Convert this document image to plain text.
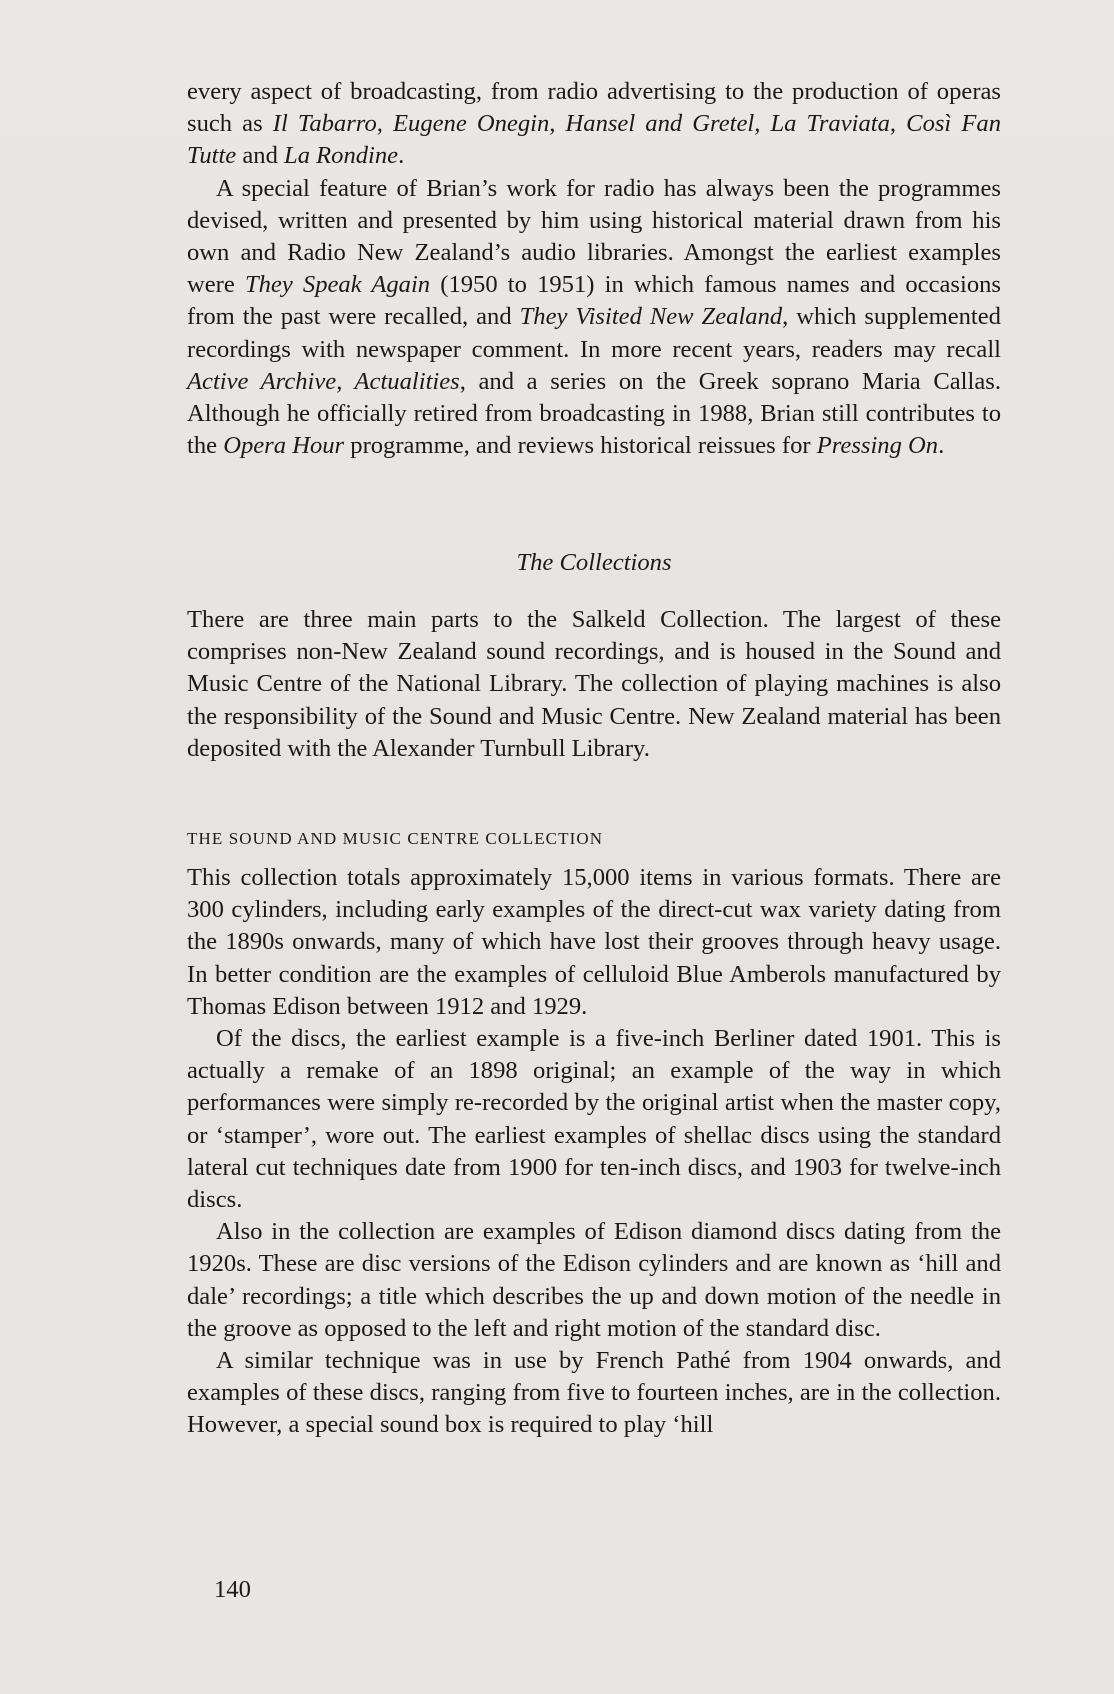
every aspect of broadcasting, from radio advertising to the production of operas such as Il Tabarro, Eugene Onegin, Hansel and Gretel, La Traviata, Così Fan Tutte and La Rondine.

A special feature of Brian’s work for radio has always been the programmes devised, written and presented by him using historical material drawn from his own and Radio New Zealand’s audio libraries. Amongst the earliest examples were They Speak Again (1950 to 1951) in which famous names and occasions from the past were recalled, and They Visited New Zealand, which supplemented recordings with newspaper comment. In more recent years, readers may recall Active Archive, Actualities, and a series on the Greek soprano Maria Callas. Although he officially retired from broadcasting in 1988, Brian still contributes to the Opera Hour programme, and reviews historical reissues for Pressing On.

The Collections

There are three main parts to the Salkeld Collection. The largest of these comprises non-New Zealand sound recordings, and is housed in the Sound and Music Centre of the National Library. The collection of playing machines is also the responsibility of the Sound and Music Centre. New Zealand material has been deposited with the Alexander Turnbull Library.

THE SOUND AND MUSIC CENTRE COLLECTION

This collection totals approximately 15,000 items in various formats. There are 300 cylinders, including early examples of the direct-cut wax variety dating from the 1890s onwards, many of which have lost their grooves through heavy usage. In better condition are the examples of celluloid Blue Amberols manufactured by Thomas Edison between 1912 and 1929.

Of the discs, the earliest example is a five-inch Berliner dated 1901. This is actually a remake of an 1898 original; an example of the way in which performances were simply re-recorded by the original artist when the master copy, or ‘stamper’, wore out. The earliest examples of shellac discs using the standard lateral cut techniques date from 1900 for ten-inch discs, and 1903 for twelve-inch discs.

Also in the collection are examples of Edison diamond discs dating from the 1920s. These are disc versions of the Edison cylinders and are known as ‘hill and dale’ recordings; a title which describes the up and down motion of the needle in the groove as opposed to the left and right motion of the standard disc.

A similar technique was in use by French Pathé from 1904 onwards, and examples of these discs, ranging from five to fourteen inches, are in the collection. However, a special sound box is required to play ‘hill

140
